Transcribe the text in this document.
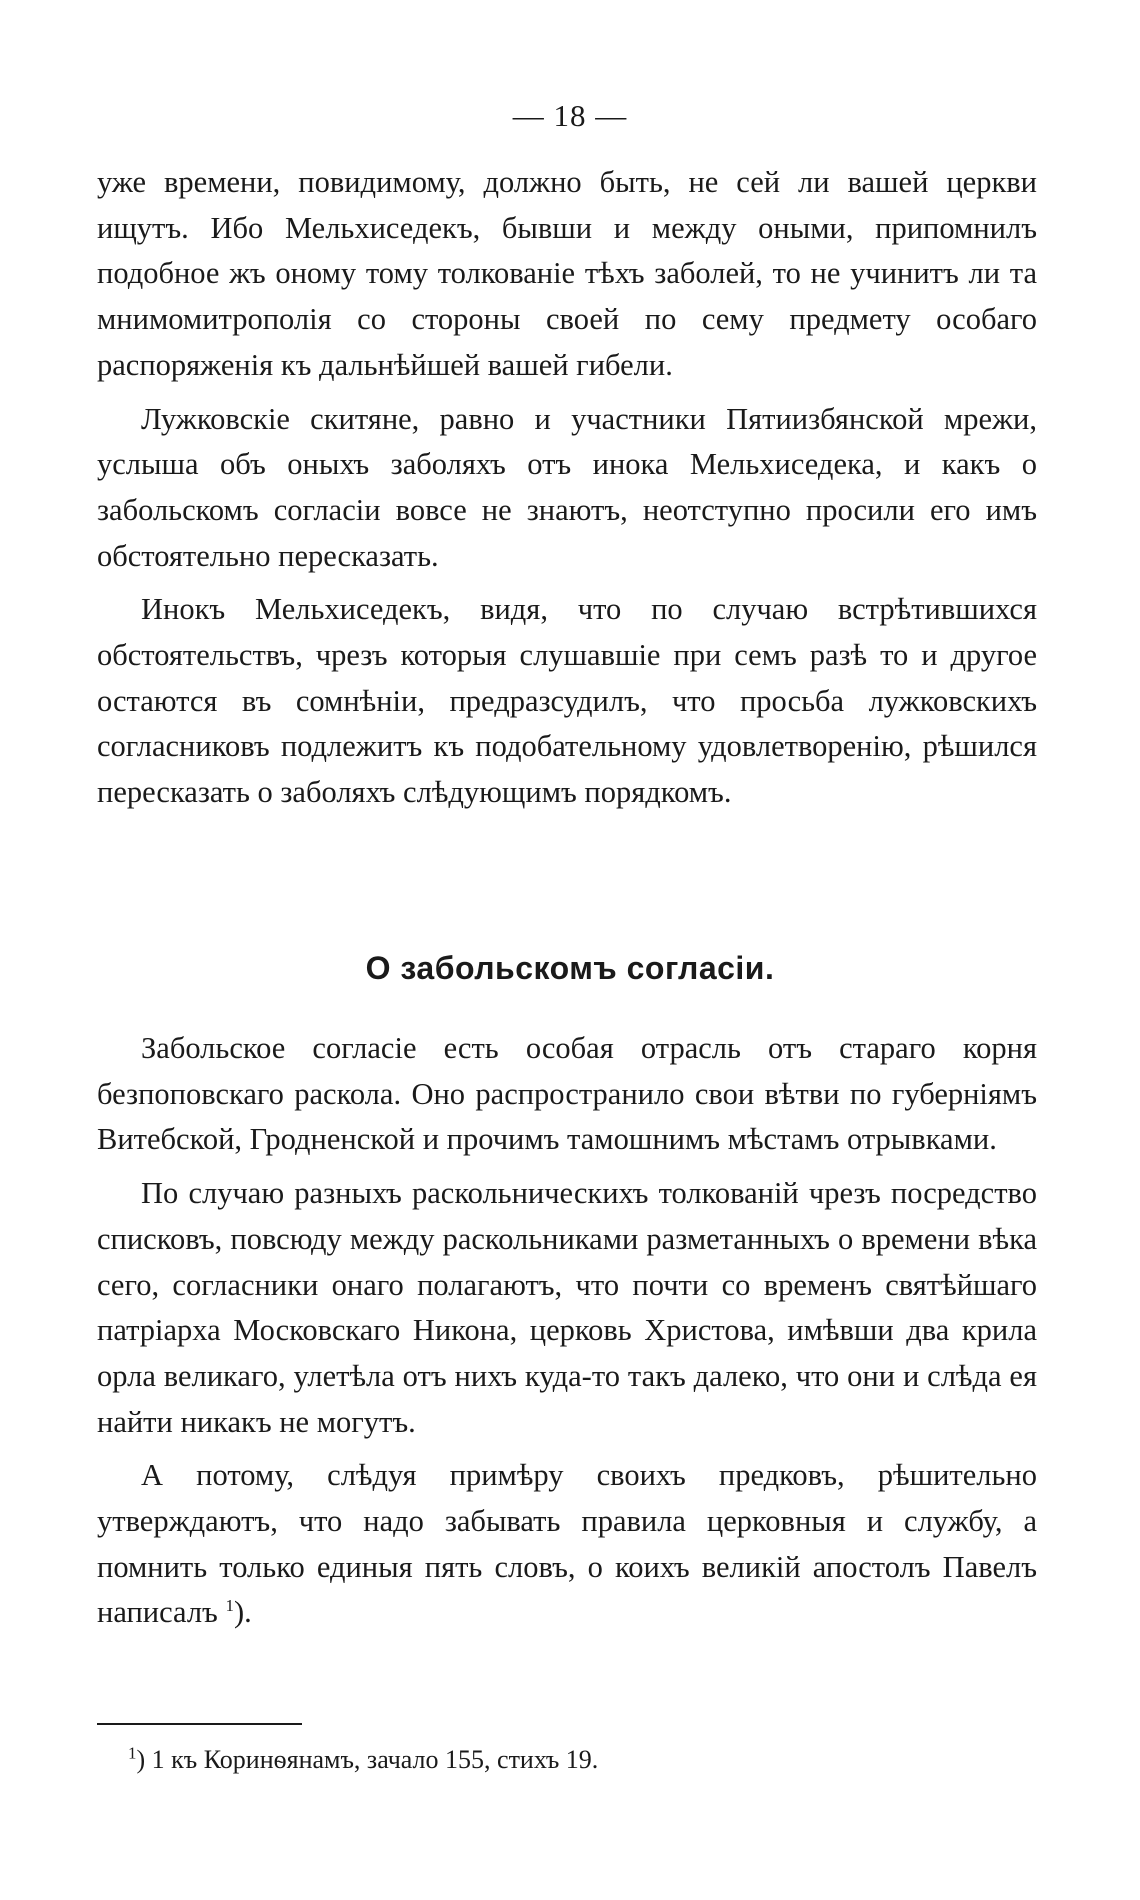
— 18 —

уже времени, повидимому, должно быть, не сей ли вашей церкви ищутъ. Ибо Мельхиседекъ, бывши и между оными, припомнилъ подобное жъ оному тому толкованіе тѣхъ заболей, то не учинитъ ли та мнимомитрополія со стороны своей по сему предмету особаго распоряженія къ дальнѣйшей вашей гибели.

Лужковскіе скитяне, равно и участники Пятиизбянской мрежи, услыша объ оныхъ заболяхъ отъ инока Мельхиседека, и какъ о забольскомъ согласіи вовсе не знаютъ, неотступно просили его имъ обстоятельно пересказать.

Инокъ Мельхиседекъ, видя, что по случаю встрѣтившихся обстоятельствъ, чрезъ которыя слушавшіе при семъ разѣ то и другое остаются въ сомнѣніи, предразсудилъ, что просьба лужковскихъ согласниковъ подлежитъ къ подобательному удовлетворенію, рѣшился пересказать о заболяхъ слѣдующимъ порядкомъ.

О забольскомъ согласіи.

Забольское согласіе есть особая отрасль отъ стараго корня безпоповскаго раскола. Оно распространило свои вѣтви по губерніямъ Витебской, Гродненской и прочимъ тамошнимъ мѣстамъ отрывками.

По случаю разныхъ раскольническихъ толкованій чрезъ посредство списковъ, повсюду между раскольниками разметанныхъ о времени вѣка сего, согласники онаго полагаютъ, что почти со временъ святѣйшаго патріарха Московскаго Никона, церковь Христова, имѣвши два крила орла великаго, улетѣла отъ нихъ куда-то такъ далеко, что они и слѣда ея найти никакъ не могутъ.

А потому, слѣдуя примѣру своихъ предковъ, рѣшительно утверждаютъ, что надо забывать правила церковныя и службу, а помнить только единыя пять словъ, о коихъ великій апостолъ Павелъ написалъ $^1$).

$^1$) 1 къ Коринѳянамъ, зачало 155, стихъ 19.
